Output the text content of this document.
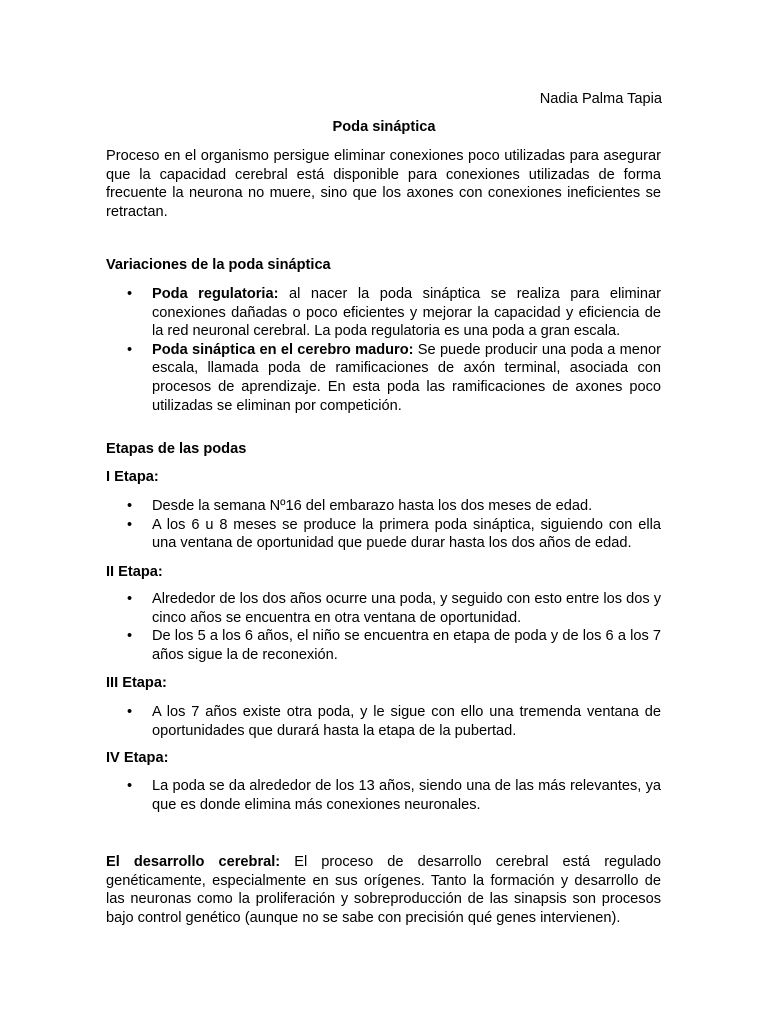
Nadia Palma Tapia

Poda sináptica

Proceso en el organismo persigue eliminar conexiones poco utilizadas para asegurar que la capacidad cerebral está disponible para conexiones utilizadas de forma frecuente la neurona no muere, sino que los axones con conexiones ineficientes se retractan.

Variaciones de la poda sináptica

• Poda regulatoria: al nacer la poda sináptica se realiza para eliminar conexiones dañadas o poco eficientes y mejorar la capacidad y eficiencia de la red neuronal cerebral. La poda regulatoria es una poda a gran escala.
• Poda sináptica en el cerebro maduro: Se puede producir una poda a menor escala, llamada poda de ramificaciones de axón terminal, asociada con procesos de aprendizaje. En esta poda las ramificaciones de axones poco utilizadas se eliminan por competición.

Etapas de las podas

I Etapa:

• Desde la semana Nº16 del embarazo hasta los dos meses de edad.
• A los 6 u 8 meses se produce la primera poda sináptica, siguiendo con ella una ventana de oportunidad que puede durar hasta los dos años de edad.

II Etapa:

• Alrededor de los dos años ocurre una poda, y seguido con esto entre los dos y cinco años se encuentra en otra ventana de oportunidad.
• De los 5 a los 6 años, el niño se encuentra en etapa de poda y de los 6 a los 7 años sigue la de reconexión.

III Etapa:

• A los 7 años existe otra poda, y le sigue con ello una tremenda ventana de oportunidades que durará hasta la etapa de la pubertad.

IV Etapa:

• La poda se da alrededor de los 13 años, siendo una de las más relevantes, ya que es donde elimina más conexiones neuronales.

El desarrollo cerebral: El proceso de desarrollo cerebral está regulado genéticamente, especialmente en sus orígenes. Tanto la formación y desarrollo de las neuronas como la proliferación y sobreproducción de las sinapsis son procesos bajo control genético (aunque no se sabe con precisión qué genes intervienen).
